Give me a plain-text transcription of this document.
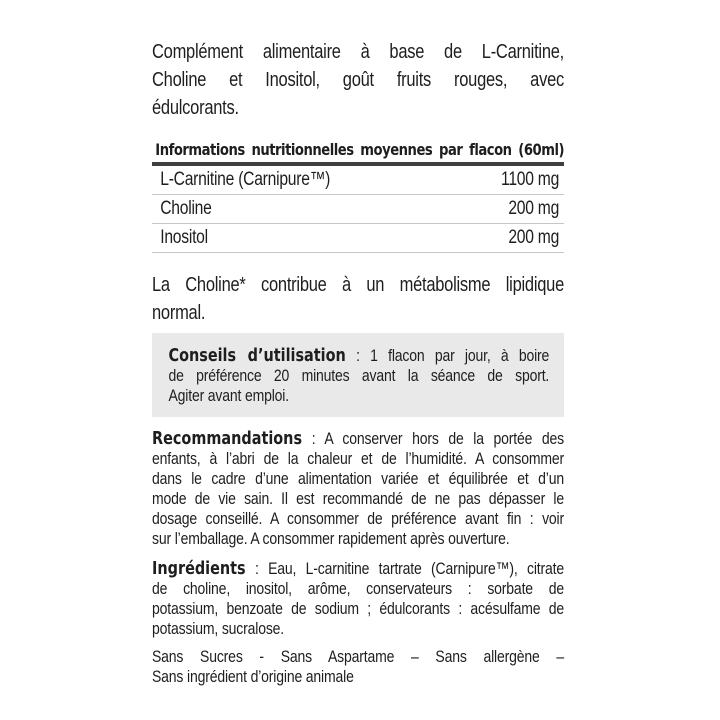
Complément alimentaire à base de L-Carnitine,
Choline et Inositol, goût fruits rouges, avec
édulcorants.
Informations nutritionnelles moyennes par flacon (60ml)
L-Carnitine (Carnipure™)	1100 mg
Choline	200 mg
Inositol	200 mg
La Choline* contribue à un métabolisme lipidique
normal.
Conseils d’utilisation : 1 flacon par jour, à boire
de préférence 20 minutes avant la séance de sport.
Agiter avant emploi.
Recommandations : A conserver hors de la portée des
enfants, à l’abri de la chaleur et de l’humidité. A consommer
dans le cadre d’une alimentation variée et équilibrée et d’un
mode de vie sain. Il est recommandé de ne pas dépasser le
dosage conseillé. A consommer de préférence avant fin : voir
sur l’emballage. A consommer rapidement après ouverture.
Ingrédients : Eau, L-carnitine tartrate (Carnipure™), citrate
de choline, inositol, arôme, conservateurs : sorbate de
potassium, benzoate de sodium ; édulcorants : acésulfame de
potassium, sucralose.
Sans Sucres - Sans Aspartame – Sans allergène –
Sans ingrédient d’origine animale
